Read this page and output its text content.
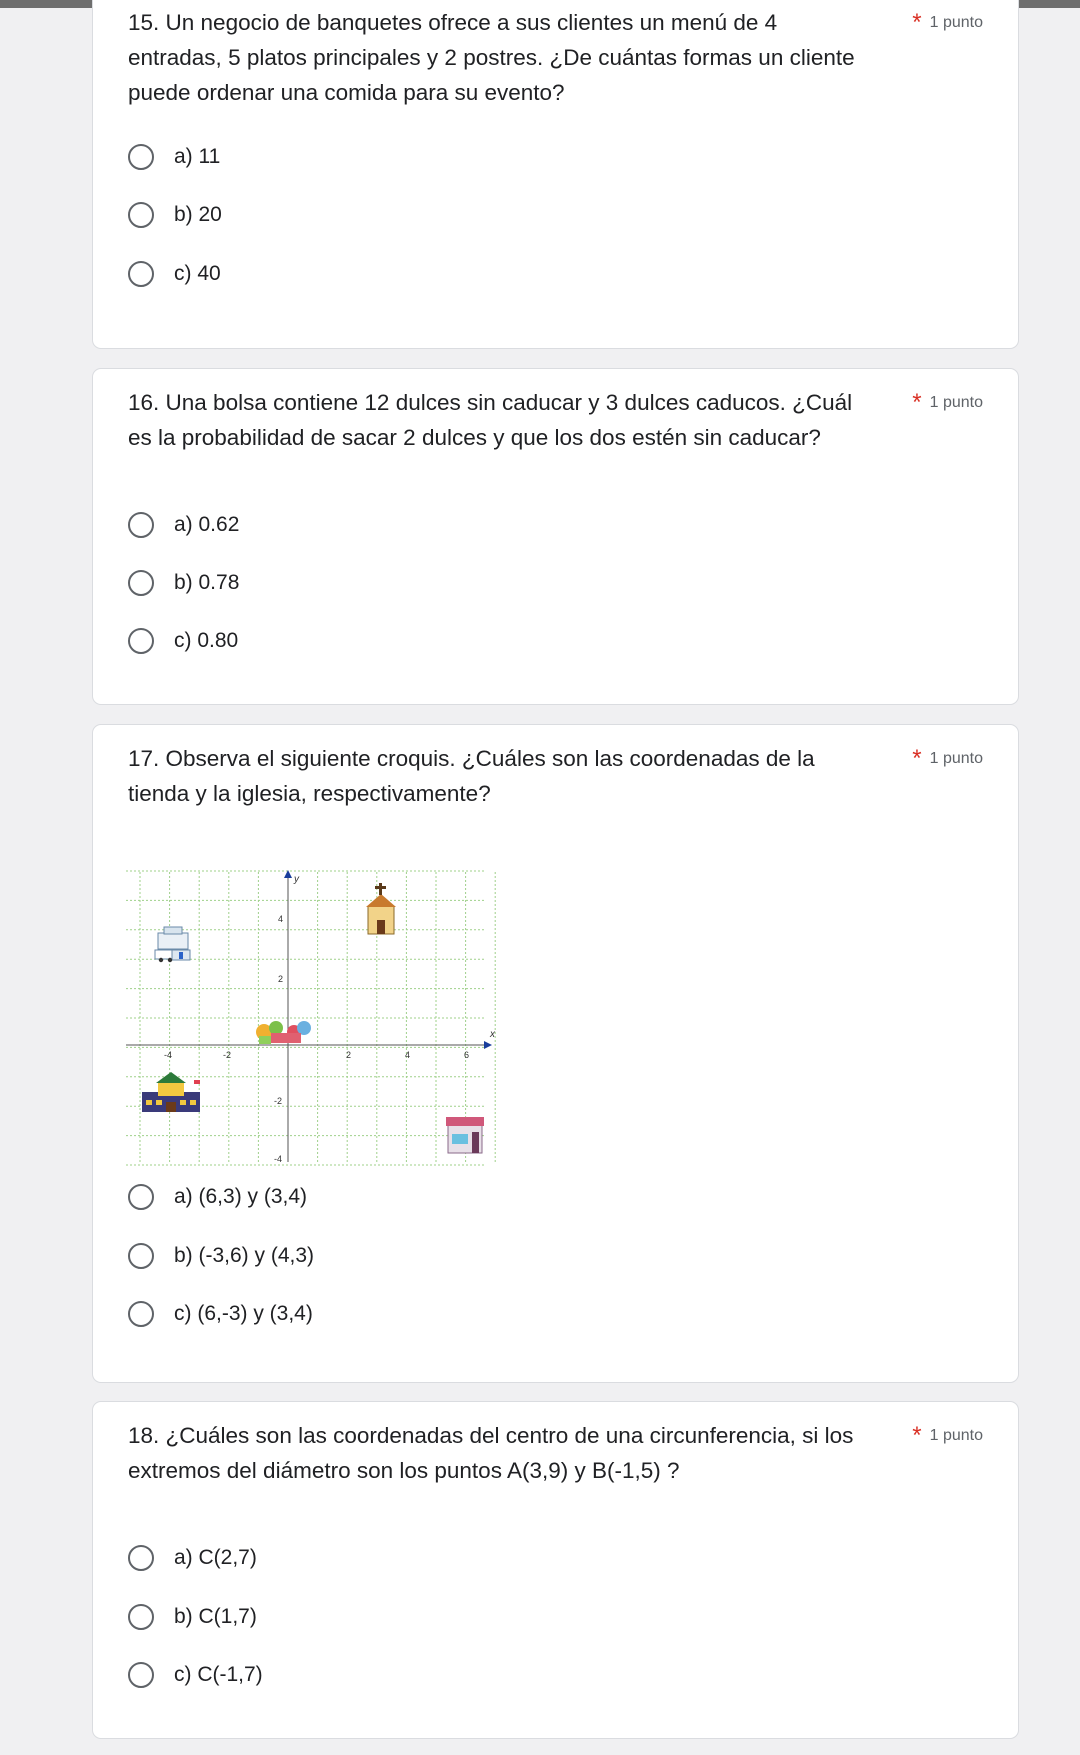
15. Un negocio de banquetes ofrece a sus clientes un menú de 4 entradas, 5 platos principales y 2 postres. ¿De cuántas formas un cliente puede ordenar una comida para su evento?
* 1 punto
a) 11
b) 20
c) 40
16. Una bolsa contiene 12 dulces sin caducar y 3 dulces caducos. ¿Cuál es la probabilidad de sacar 2 dulces y que los dos estén sin caducar?
* 1 punto
a) 0.62
b) 0.78
c) 0.80
17. Observa el siguiente croquis. ¿Cuáles son las coordenadas de la tienda y la iglesia, respectivamente?
* 1 punto
x
y
-4	-2	2	4	6
4
2
-2
-4
a) (6,3) y (3,4)
b) (-3,6) y (4,3)
c) (6,-3) y (3,4)
18. ¿Cuáles son las coordenadas del centro de una circunferencia, si los extremos del diámetro son los puntos A(3,9) y B(-1,5) ?
* 1 punto
a) C(2,7)
b) C(1,7)
c) C(-1,7)
